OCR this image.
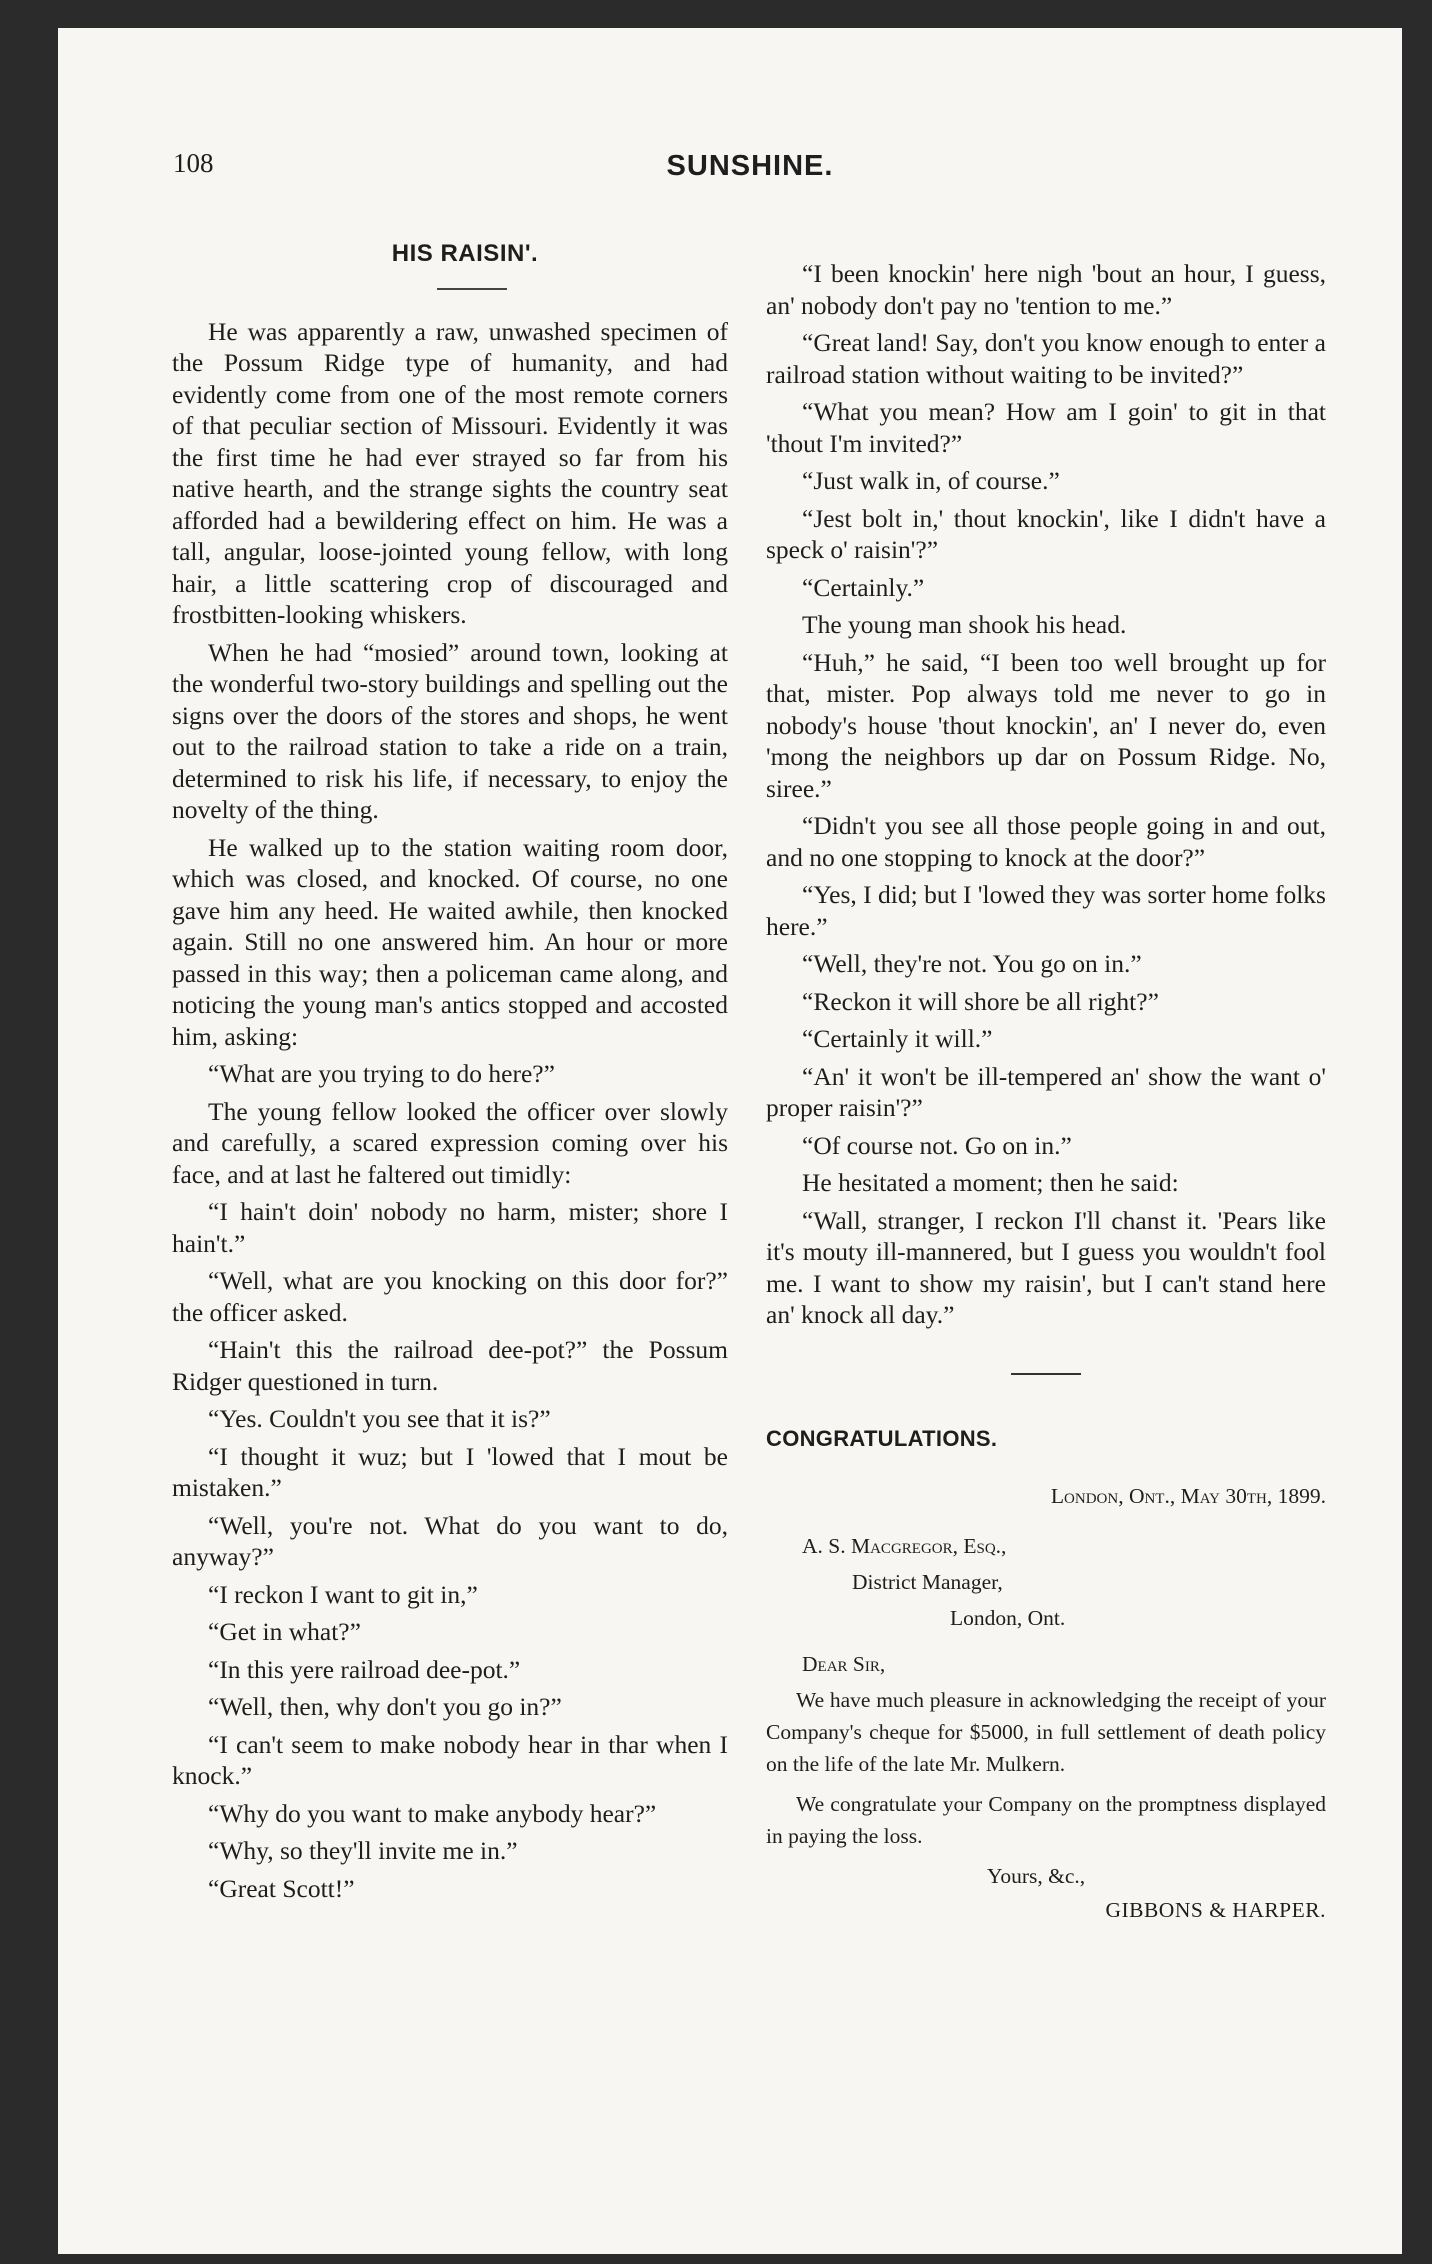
108	SUNSHINE.
HIS RAISIN'.

He was apparently a raw, unwashed specimen of the Possum Ridge type of humanity, and had evidently come from one of the most remote corners of that peculiar section of Missouri. Evidently it was the first time he had ever strayed so far from his native hearth, and the strange sights the country seat afforded had a bewildering effect on him. He was a tall, angular, loose-jointed young fellow, with long hair, a little scattering crop of discouraged and frostbitten-looking whiskers.

When he had “mosied” around town, looking at the wonderful two-story buildings and spelling out the signs over the doors of the stores and shops, he went out to the railroad station to take a ride on a train, determined to risk his life, if necessary, to enjoy the novelty of the thing.

He walked up to the station waiting room door, which was closed, and knocked. Of course, no one gave him any heed. He waited awhile, then knocked again. Still no one answered him. An hour or more passed in this way; then a policeman came along, and noticing the young man's antics stopped and accosted him, asking:

“What are you trying to do here?”

The young fellow looked the officer over slowly and carefully, a scared expression coming over his face, and at last he faltered out timidly:

“I hain't doin' nobody no harm, mister; shore I hain't.”

“Well, what are you knocking on this door for?” the officer asked.

“Hain't this the railroad dee-pot?” the Possum Ridger questioned in turn.

“Yes. Couldn't you see that it is?”

“I thought it wuz; but I 'lowed that I mout be mistaken.”

“Well, you're not. What do you want to do, anyway?”

“I reckon I want to git in,”

“Get in what?”

“In this yere railroad dee-pot.”

“Well, then, why don't you go in?”

“I can't seem to make nobody hear in thar when I knock.”

“Why do you want to make anybody hear?”

“Why, so they'll invite me in.”

“Great Scott!”

“I been knockin' here nigh 'bout an hour, I guess, an' nobody don't pay no 'tention to me.”

“Great land! Say, don't you know enough to enter a railroad station without waiting to be invited?”

“What you mean? How am I goin' to git in that 'thout I'm invited?”

“Just walk in, of course.”

“Jest bolt in,' thout knockin', like I didn't have a speck o' raisin'?”

“Certainly.”

The young man shook his head.

“Huh,” he said, “I been too well brought up for that, mister. Pop always told me never to go in nobody's house 'thout knockin', an' I never do, even 'mong the neighbors up dar on Possum Ridge. No, siree.”

“Didn't you see all those people going in and out, and no one stopping to knock at the door?”

“Yes, I did; but I 'lowed they was sorter home folks here.”

“Well, they're not. You go on in.”

“Reckon it will shore be all right?”

“Certainly it will.”

“An' it won't be ill-tempered an' show the want o' proper raisin'?”

“Of course not. Go on in.”

He hesitated a moment; then he said:

“Wall, stranger, I reckon I'll chanst it. 'Pears like it's mouty ill-mannered, but I guess you wouldn't fool me. I want to show my raisin', but I can't stand here an' knock all day.”

CONGRATULATIONS.

London, Ont., May 30th, 1899.

A. S. Macgregor, Esq.,

District Manager,

London, Ont.

Dear Sir,

We have much pleasure in acknowledging the receipt of your Company's cheque for $5000, in full settlement of death policy on the life of the late Mr. Mulkern.

We congratulate your Company on the promptness displayed in paying the loss.

Yours, &c.,

GIBBONS & HARPER.
